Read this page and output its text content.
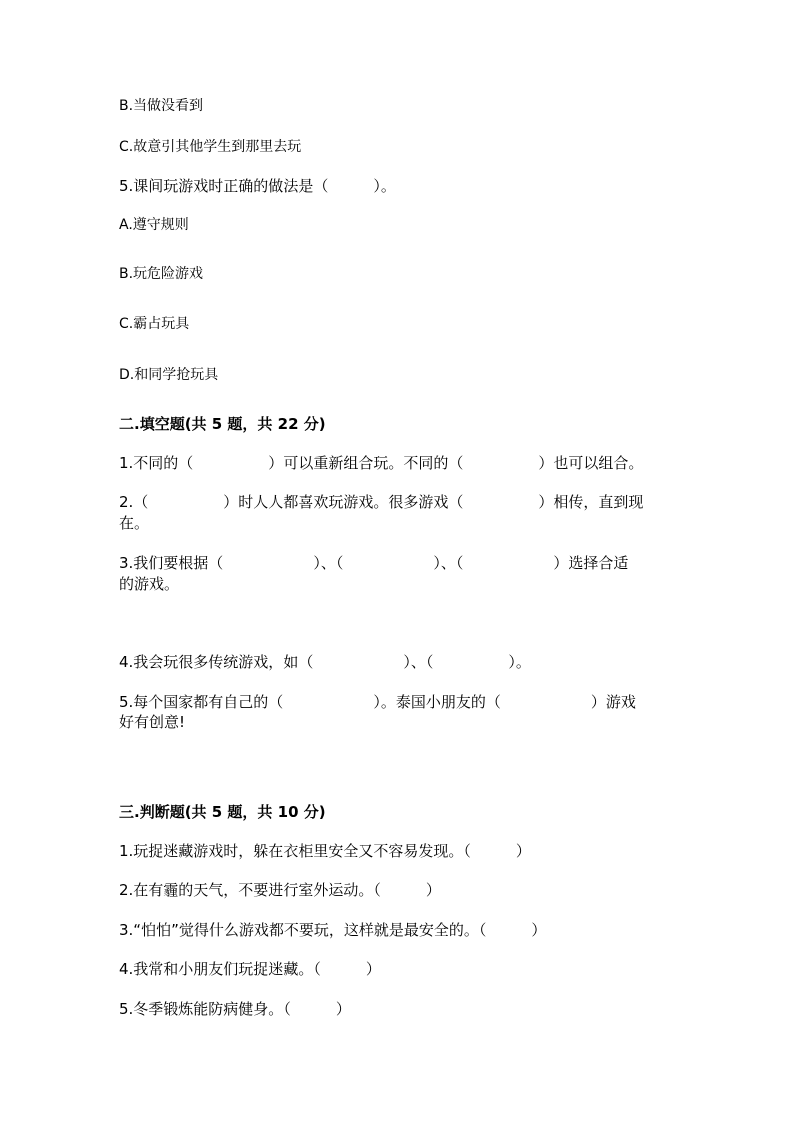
B.当做没看到

C.故意引其他学生到那里去玩

5.课间玩游戏时正确的做法是（　　　）。

A.遵守规则

B.玩危险游戏

C.霸占玩具

D.和同学抢玩具

二.填空题(共 5 题，共 22 分)

1.不同的（　　　　　）可以重新组合玩。不同的（　　　　　）也可以组合。

2.（　　　　　）时人人都喜欢玩游戏。很多游戏（　　　　　）相传，直到现

在。

3.我们要根据（　　　　　　）、（　　　　　　）、（　　　　　　）选择合适

的游戏。

4.我会玩很多传统游戏，如（　　　　　　）、（　　　　　）。

5.每个国家都有自己的（　　　　　　）。泰国小朋友的（　　　　　　）游戏

好有创意!

三.判断题(共 5 题，共 10 分)

1.玩捉迷藏游戏时，躲在衣柜里安全又不容易发现。（　　　）

2.在有霾的天气，不要进行室外运动。（　　　）

3.“怕怕”觉得什么游戏都不要玩，这样就是最安全的。（　　　）

4.我常和小朋友们玩捉迷藏。（　　　）

5.冬季锻炼能防病健身。（　　　）
